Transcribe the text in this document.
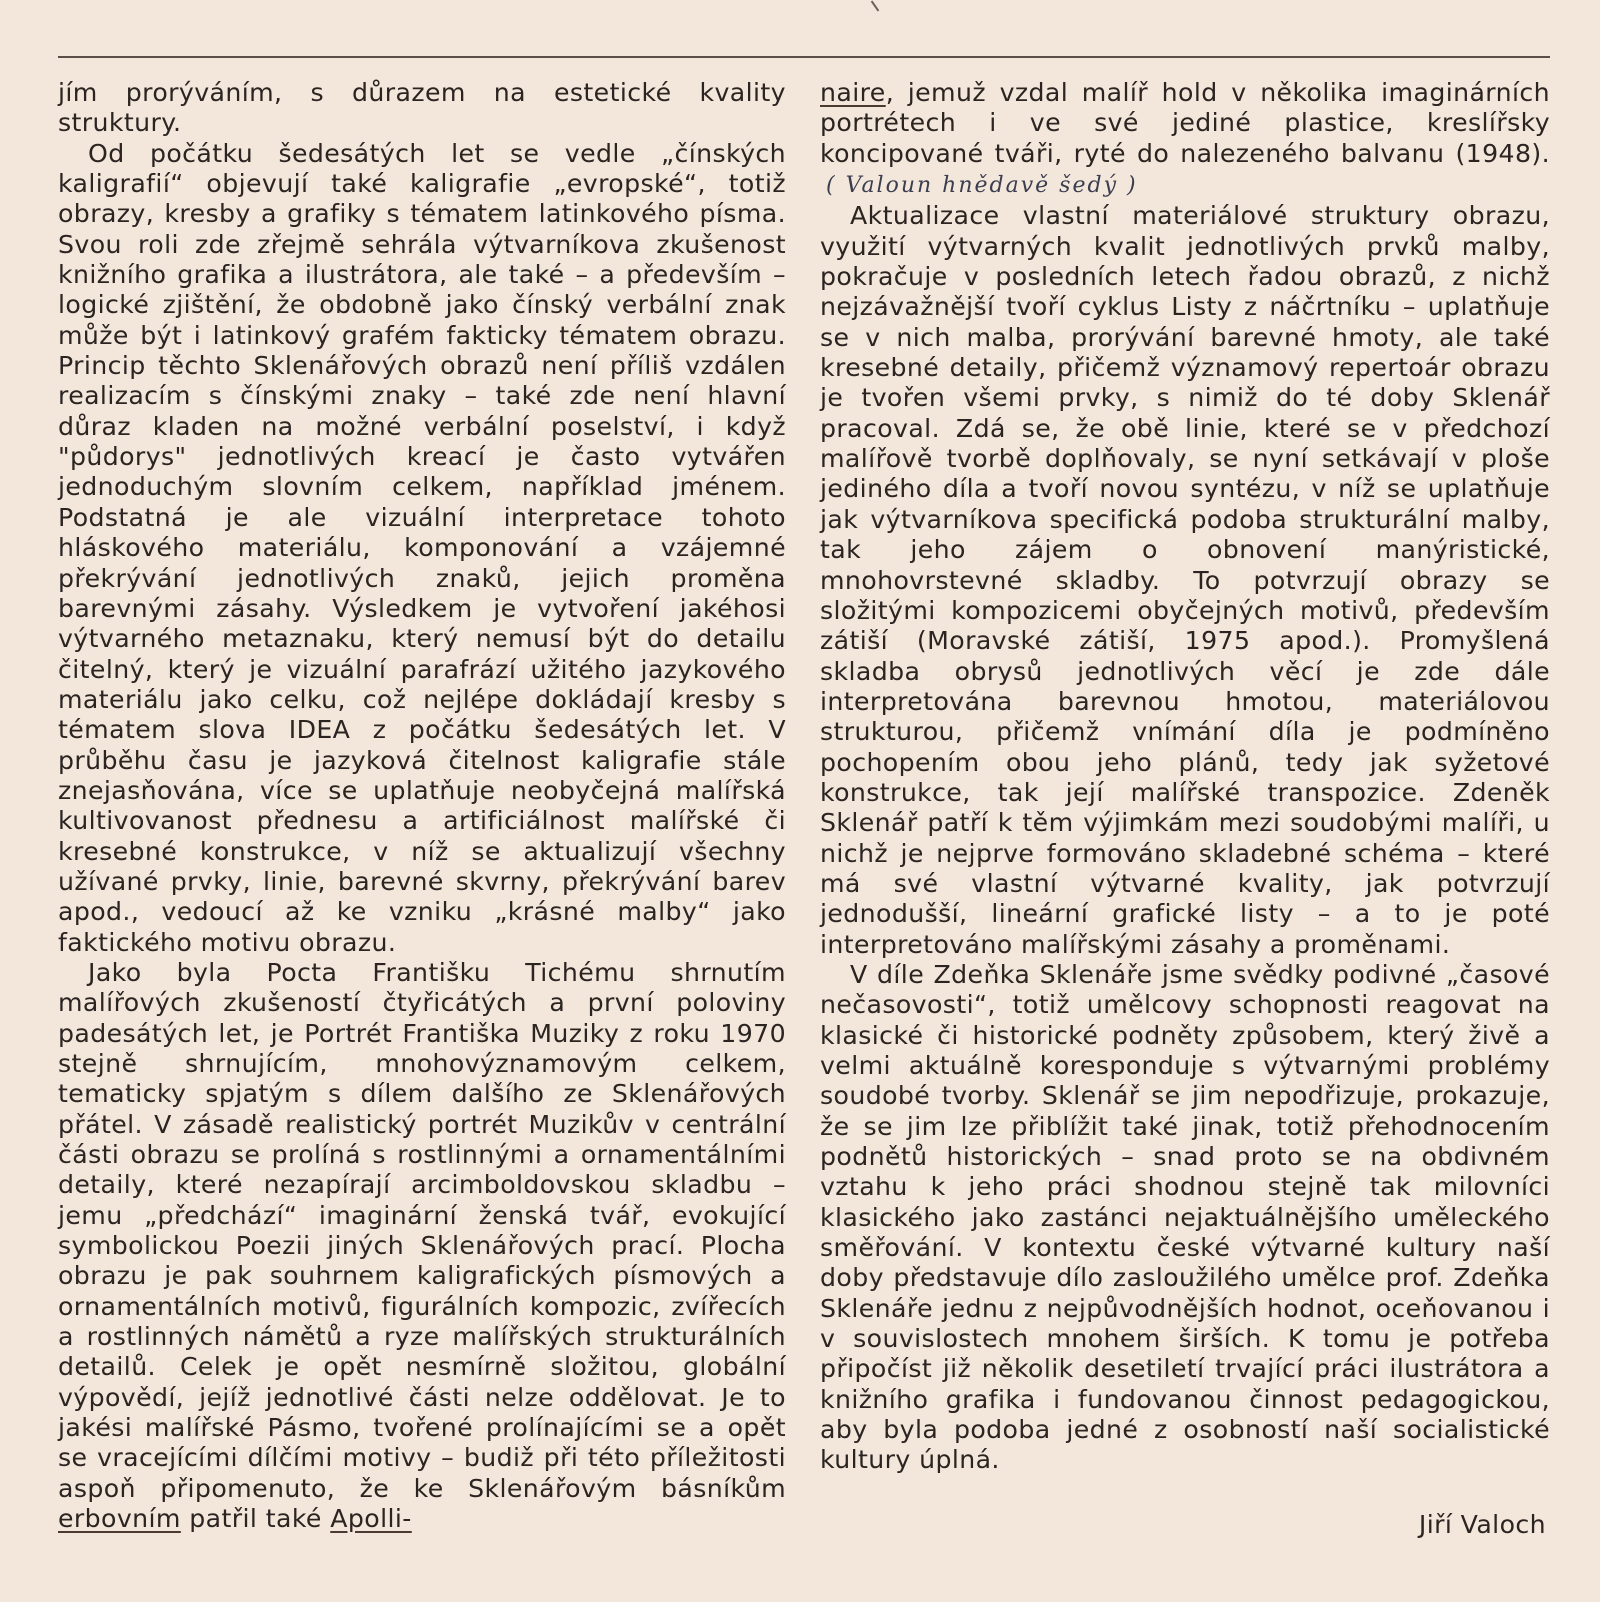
jím prorýváním, s důrazem na estetické kvality struktury.

Od počátku šedesátých let se vedle „čínských kaligrafií“ objevují také kaligrafie „evropské“, totiž obrazy, kresby a grafiky s tématem latinkového písma. Svou roli zde zřejmě sehrála výtvarníkova zkušenost knižního grafika a ilustrátora, ale také – a především – logické zjištění, že obdobně jako čínský verbální znak může být i latinkový grafém fakticky tématem obrazu. Princip těchto Sklenářových obrazů není příliš vzdálen realizacím s čínskými znaky – také zde není hlavní důraz kladen na možné verbální poselství, i když "půdorys" jednotlivých kreací je často vytvářen jednoduchým slovním celkem, například jménem. Podstatná je ale vizuální interpretace tohoto hláskového materiálu, komponování a vzájemné překrývání jednotlivých znaků, jejich proměna barevnými zásahy. Výsledkem je vytvoření jakéhosi výtvarného metaznaku, který nemusí být do detailu čitelný, který je vizuální parafrází užitého jazykového materiálu jako celku, což nejlépe dokládají kresby s tématem slova IDEA z počátku šedesátých let. V průběhu času je jazyková čitelnost kaligrafie stále znejasňována, více se uplatňuje neobyčejná malířská kultivovanost přednesu a artificiálnost malířské či kresebné konstrukce, v níž se aktualizují všechny užívané prvky, linie, barevné skvrny, překrývání barev apod., vedoucí až ke vzniku „krásné malby“ jako faktického motivu obrazu.

Jako byla Pocta Františku Tichému shrnutím malířových zkušeností čtyřicátých a první poloviny padesátých let, je Portrét Františka Muziky z roku 1970 stejně shrnujícím, mnohovýznamovým celkem, tematicky spjatým s dílem dalšího ze Sklenářových přátel. V zásadě realistický portrét Muzikův v centrální části obrazu se prolíná s rostlinnými a ornamentálními detaily, které nezapírají arcimboldovskou skladbu – jemu „předchází“ imaginární ženská tvář, evokující symbolickou Poezii jiných Sklenářových prací. Plocha obrazu je pak souhrnem kaligrafických písmových a ornamentálních motivů, figurálních kompozic, zvířecích a rostlinných námětů a ryze malířských strukturálních detailů. Celek je opět nesmírně složitou, globální výpovědí, jejíž jednotlivé části nelze oddělovat. Je to jakési malířské Pásmo, tvořené prolínajícími se a opět se vracejícími dílčími motivy – budiž při této příležitosti aspoň připomenuto, že ke Sklenářovým básníkům erbovním patřil také Apolli-

naire, jemuž vzdal malíř hold v několika imaginárních portrétech i ve své jediné plastice, kreslířsky koncipované tváři, ryté do nalezeného balvanu (1948).( Valoun hnědavě šedý )

Aktualizace vlastní materiálové struktury obrazu, využití výtvarných kvalit jednotlivých prvků malby, pokračuje v posledních letech řadou obrazů, z nichž nejzávažnější tvoří cyklus Listy z náčrtníku – uplatňuje se v nich malba, prorývání barevné hmoty, ale také kresebné detaily, přičemž významový repertoár obrazu je tvořen všemi prvky, s nimiž do té doby Sklenář pracoval. Zdá se, že obě linie, které se v předchozí malířově tvorbě doplňovaly, se nyní setkávají v ploše jediného díla a tvoří novou syntézu, v níž se uplatňuje jak výtvarníkova specifická podoba strukturální malby, tak jeho zájem o obnovení manýristické, mnohovrstevné skladby. To potvrzují obrazy se složitými kompozicemi obyčejných motivů, především zátiší (Moravské zátiší, 1975 apod.). Promyšlená skladba obrysů jednotlivých věcí je zde dále interpretována barevnou hmotou, materiálovou strukturou, přičemž vnímání díla je podmíněno pochopením obou jeho plánů, tedy jak syžetové konstrukce, tak její malířské transpozice. Zdeněk Sklenář patří k těm výjimkám mezi soudobými malíři, u nichž je nejprve formováno skladebné schéma – které má své vlastní výtvarné kvality, jak potvrzují jednodušší, lineární grafické listy – a to je poté interpretováno malířskými zásahy a proměnami.

V díle Zdeňka Sklenáře jsme svědky podivné „časové nečasovosti“, totiž umělcovy schopnosti reagovat na klasické či historické podněty způsobem, který živě a velmi aktuálně koresponduje s výtvarnými problémy soudobé tvorby. Sklenář se jim nepodřizuje, prokazuje, že se jim lze přiblížit také jinak, totiž přehodnocením podnětů historických – snad proto se na obdivném vztahu k jeho práci shodnou stejně tak milovníci klasického jako zastánci nejaktuálnějšího uměleckého směřování. V kontextu české výtvarné kultury naší doby představuje dílo zasloužilého umělce prof. Zdeňka Sklenáře jednu z nejpůvodnějších hodnot, oceňovanou i v souvislostech mnohem širších. K tomu je potřeba připočíst již několik desetiletí trvající práci ilustrátora a knižního grafika i fundovanou činnost pedagogickou, aby byla podoba jedné z osobností naší socialistické kultury úplná.

Jiří Valoch
